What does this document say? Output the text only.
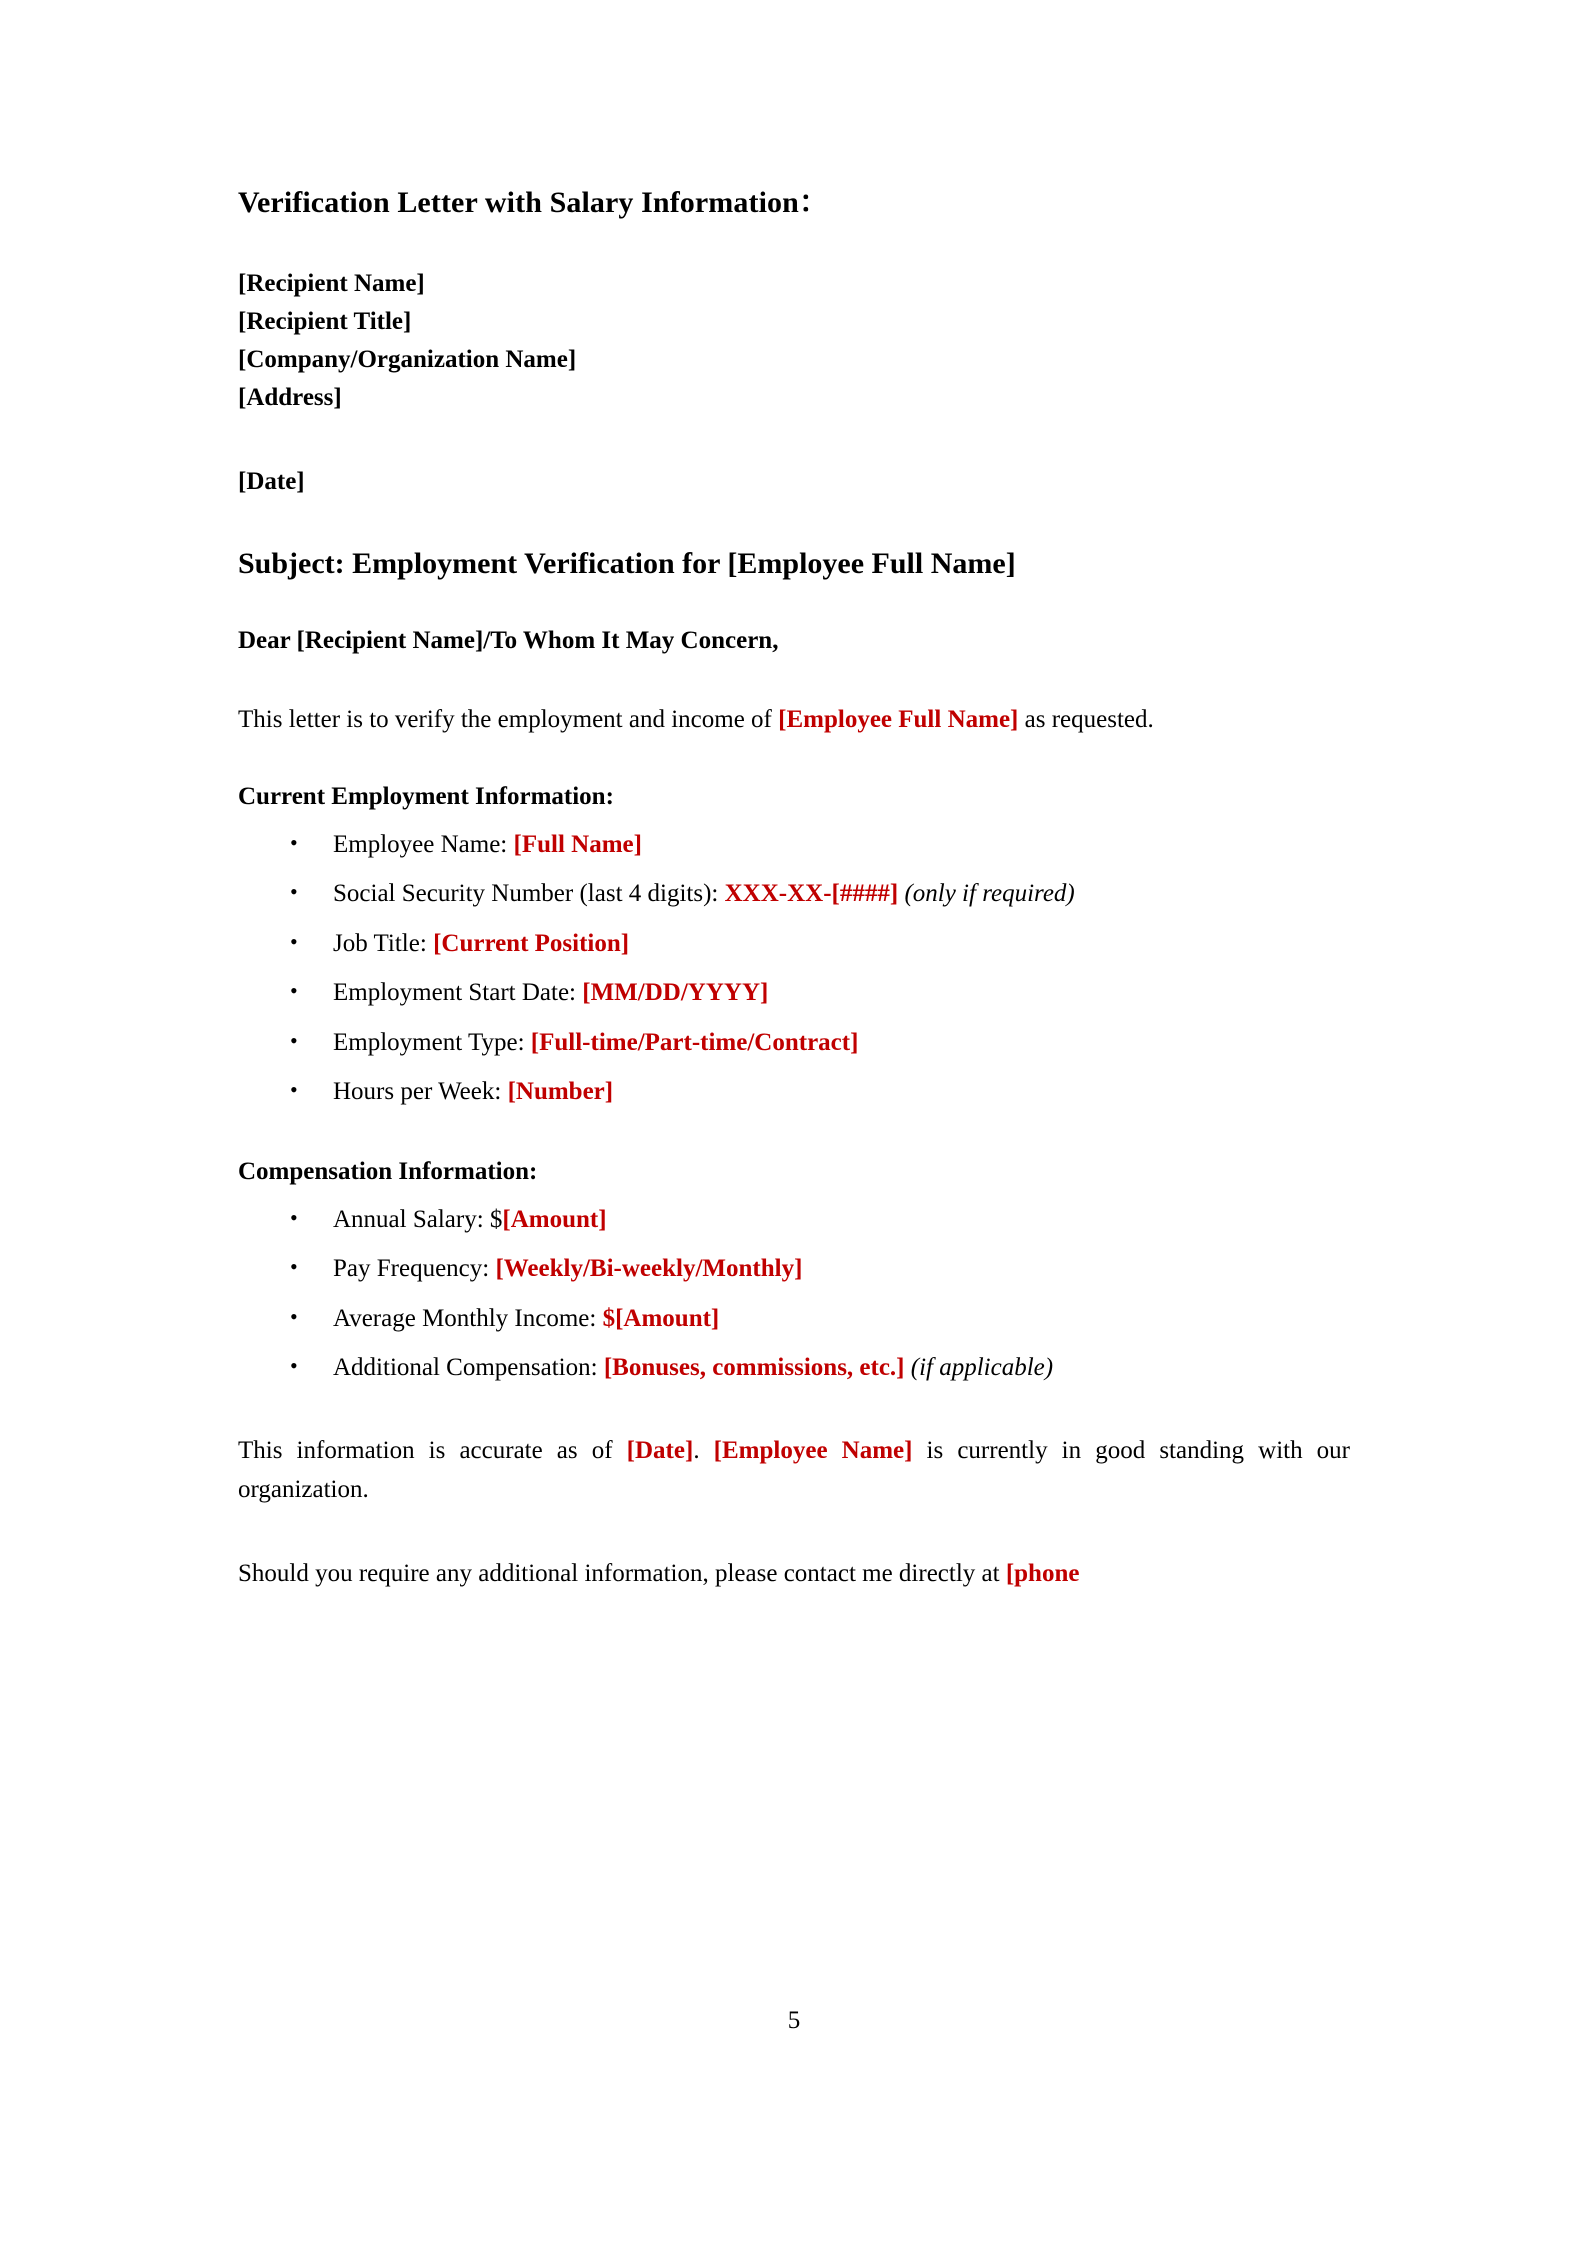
Verification Letter with Salary Information：

[Recipient Name]

[Recipient Title]

[Company/Organization Name]

[Address]

[Date]

Subject: Employment Verification for [Employee Full Name]

Dear [Recipient Name]/To Whom It May Concern,

This letter is to verify the employment and income of [Employee Full Name] as requested.

Current Employment Information:
• Employee Name: [Full Name]
• Social Security Number (last 4 digits): XXX-XX-[####] (only if required)
• Job Title: [Current Position]
• Employment Start Date: [MM/DD/YYYY]
• Employment Type: [Full-time/Part-time/Contract]
• Hours per Week: [Number]
Compensation Information:
• Annual Salary: $[Amount]
• Pay Frequency: [Weekly/Bi-weekly/Monthly]
• Average Monthly Income: $[Amount]
• Additional Compensation: [Bonuses, commissions, etc.] (if applicable)

This information is accurate as of [Date]. [Employee Name] is currently in good standing with our organization.

Should you require any additional information, please contact me directly at [phone

5
